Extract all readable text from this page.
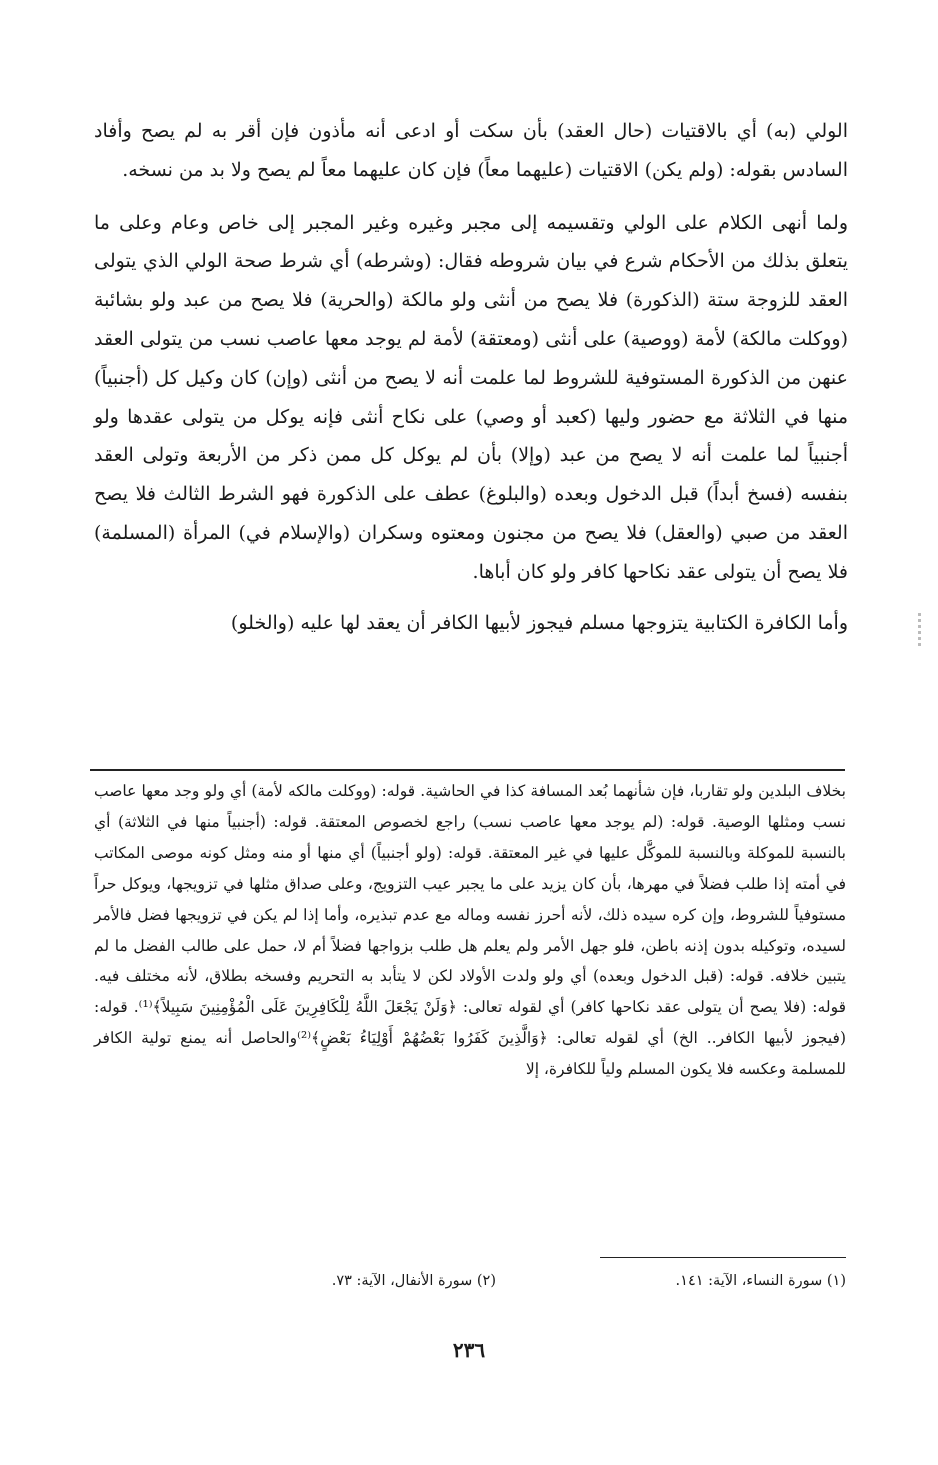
الولي (به) أي بالاقتيات (حال العقد) بأن سكت أو ادعى أنه مأذون فإن أقر به لم يصح وأفاد السادس بقوله: (ولم يكن) الاقتيات (عليهما معاً) فإن كان عليهما معاً لم يصح ولا بد من نسخه.

ولما أنهى الكلام على الولي وتقسيمه إلى مجبر وغيره وغير المجبر إلى خاص وعام وعلى ما يتعلق بذلك من الأحكام شرع في بيان شروطه فقال: (وشرطه) أي شرط صحة الولي الذي يتولى العقد للزوجة ستة (الذكورة) فلا يصح من أنثى ولو مالكة (والحرية) فلا يصح من عبد ولو بشائبة (ووكلت مالكة) لأمة (ووصية) على أنثى (ومعتقة) لأمة لم يوجد معها عاصب نسب من يتولى العقد عنهن من الذكورة المستوفية للشروط لما علمت أنه لا يصح من أنثى (وإن) كان وكيل كل (أجنبياً) منها في الثلاثة مع حضور وليها (كعبد أو وصي) على نكاح أنثى فإنه يوكل من يتولى عقدها ولو أجنبياً لما علمت أنه لا يصح من عبد (وإلا) بأن لم يوكل كل ممن ذكر من الأربعة وتولى العقد بنفسه (فسخ أبداً) قبل الدخول وبعده (والبلوغ) عطف على الذكورة فهو الشرط الثالث فلا يصح العقد من صبي (والعقل) فلا يصح من مجنون ومعتوه وسكران (والإسلام في) المرأة (المسلمة) فلا يصح أن يتولى عقد نكاحها كافر ولو كان أباها.

وأما الكافرة الكتابية يتزوجها مسلم فيجوز لأبيها الكافر أن يعقد لها عليه (والخلو)

بخلاف البلدين ولو تقاربا، فإن شأنهما بُعد المسافة كذا في الحاشية. قوله: (ووكلت مالكه لأمة) أي ولو وجد معها عاصب نسب ومثلها الوصية. قوله: (لم يوجد معها عاصب نسب) راجع لخصوص المعتقة. قوله: (أجنبياً منها في الثلاثة) أي بالنسبة للموكلة وبالنسبة للموكَّل عليها في غير المعتقة. قوله: (ولو أجنبياً) أي منها أو منه ومثل كونه موصى المكاتب في أمته إذا طلب فضلاً في مهرها، بأن كان يزيد على ما يجبر عيب التزويج، وعلى صداق مثلها في تزويجها، ويوكل حراً مستوفياً للشروط، وإن كره سيده ذلك، لأنه أحرز نفسه وماله مع عدم تبذيره، وأما إذا لم يكن في تزويجها فضل فالأمر لسيده، وتوكيله بدون إذنه باطن، فلو جهل الأمر ولم يعلم هل طلب بزواجها فضلاً أم لا، حمل على طالب الفضل ما لم يتبين خلافه. قوله: (قبل الدخول وبعده) أي ولو ولدت الأولاد لكن لا يتأبد به التحريم وفسخه بطلاق، لأنه مختلف فيه. قوله: (فلا يصح أن يتولى عقد نكاحها كافر) أي لقوله تعالى: ﴿وَلَنْ يَجْعَلَ اللَّهُ لِلْكَافِرِينَ عَلَى الْمُؤْمِنِينَ سَبِيلاً﴾⁽¹⁾. قوله: (فيجوز لأبيها الكافر.. الخ) أي لقوله تعالى: ﴿وَالَّذِينَ كَفَرُوا بَعْضُهُمْ أَوْلِيَاءُ بَعْضٍ﴾⁽²⁾والحاصل أنه يمنع تولية الكافر للمسلمة وعكسه فلا يكون المسلم ولياً للكافرة، إلا

(١) سورة النساء، الآية: ١٤١.
(٢) سورة الأنفال، الآية: ٧٣.
٢٣٦
